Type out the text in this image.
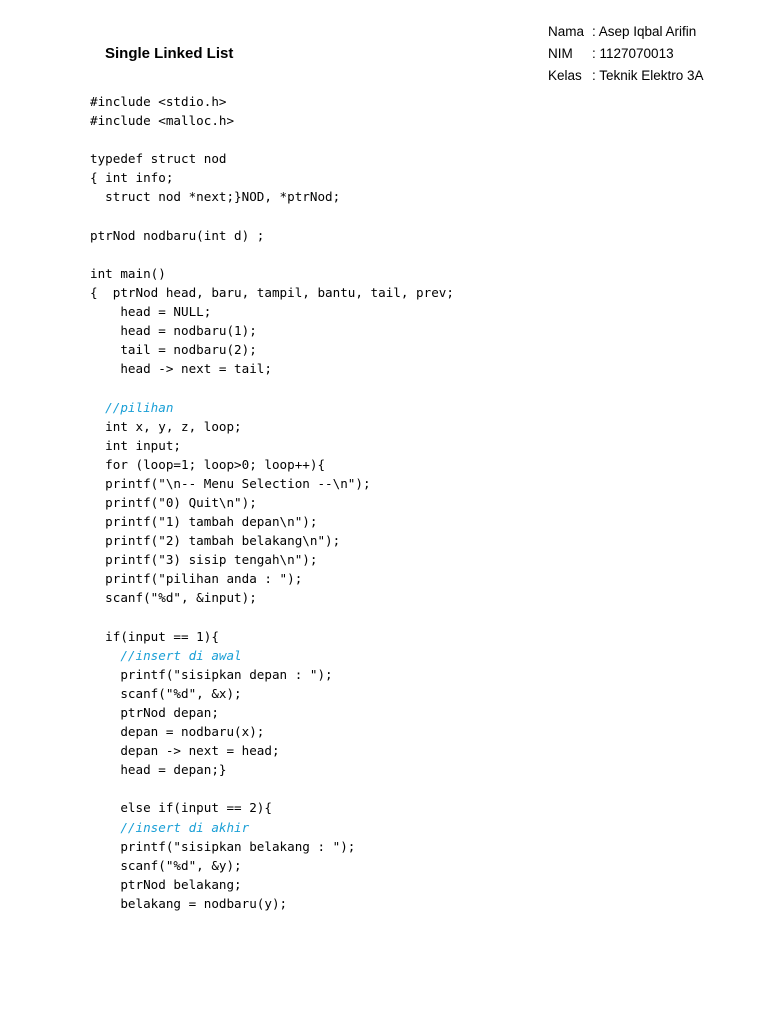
Nama : Asep Iqbal Arifin
NIM	: 1127070013
Kelas : Teknik Elektro 3A
Single Linked List
#include <stdio.h>
#include <malloc.h>
typedef struct nod
{ int info;
struct nod *next;}NOD, *ptrNod;
ptrNod nodbaru(int d) ;
int main()
{  ptrNod head, baru, tampil, bantu, tail, prev;
head = NULL;
head = nodbaru(1);
tail = nodbaru(2);
head -> next = tail;
//pilihan
int x, y, z, loop;
int input;
for (loop=1; loop>0; loop++){
printf("\n-- Menu Selection --\n");
printf("0) Quit\n");
printf("1) tambah depan\n");
printf("2) tambah belakang\n");
printf("3) sisip tengah\n");
printf("pilihan anda : ");
scanf("%d", &input);
if(input == 1){
//insert di awal
printf("sisipkan depan : ");
scanf("%d", &x);
ptrNod depan;
depan = nodbaru(x);
depan -> next = head;
head = depan;}
else if(input == 2){
//insert di akhir
printf("sisipkan belakang : ");
scanf("%d", &y);
ptrNod belakang;
belakang = nodbaru(y);
